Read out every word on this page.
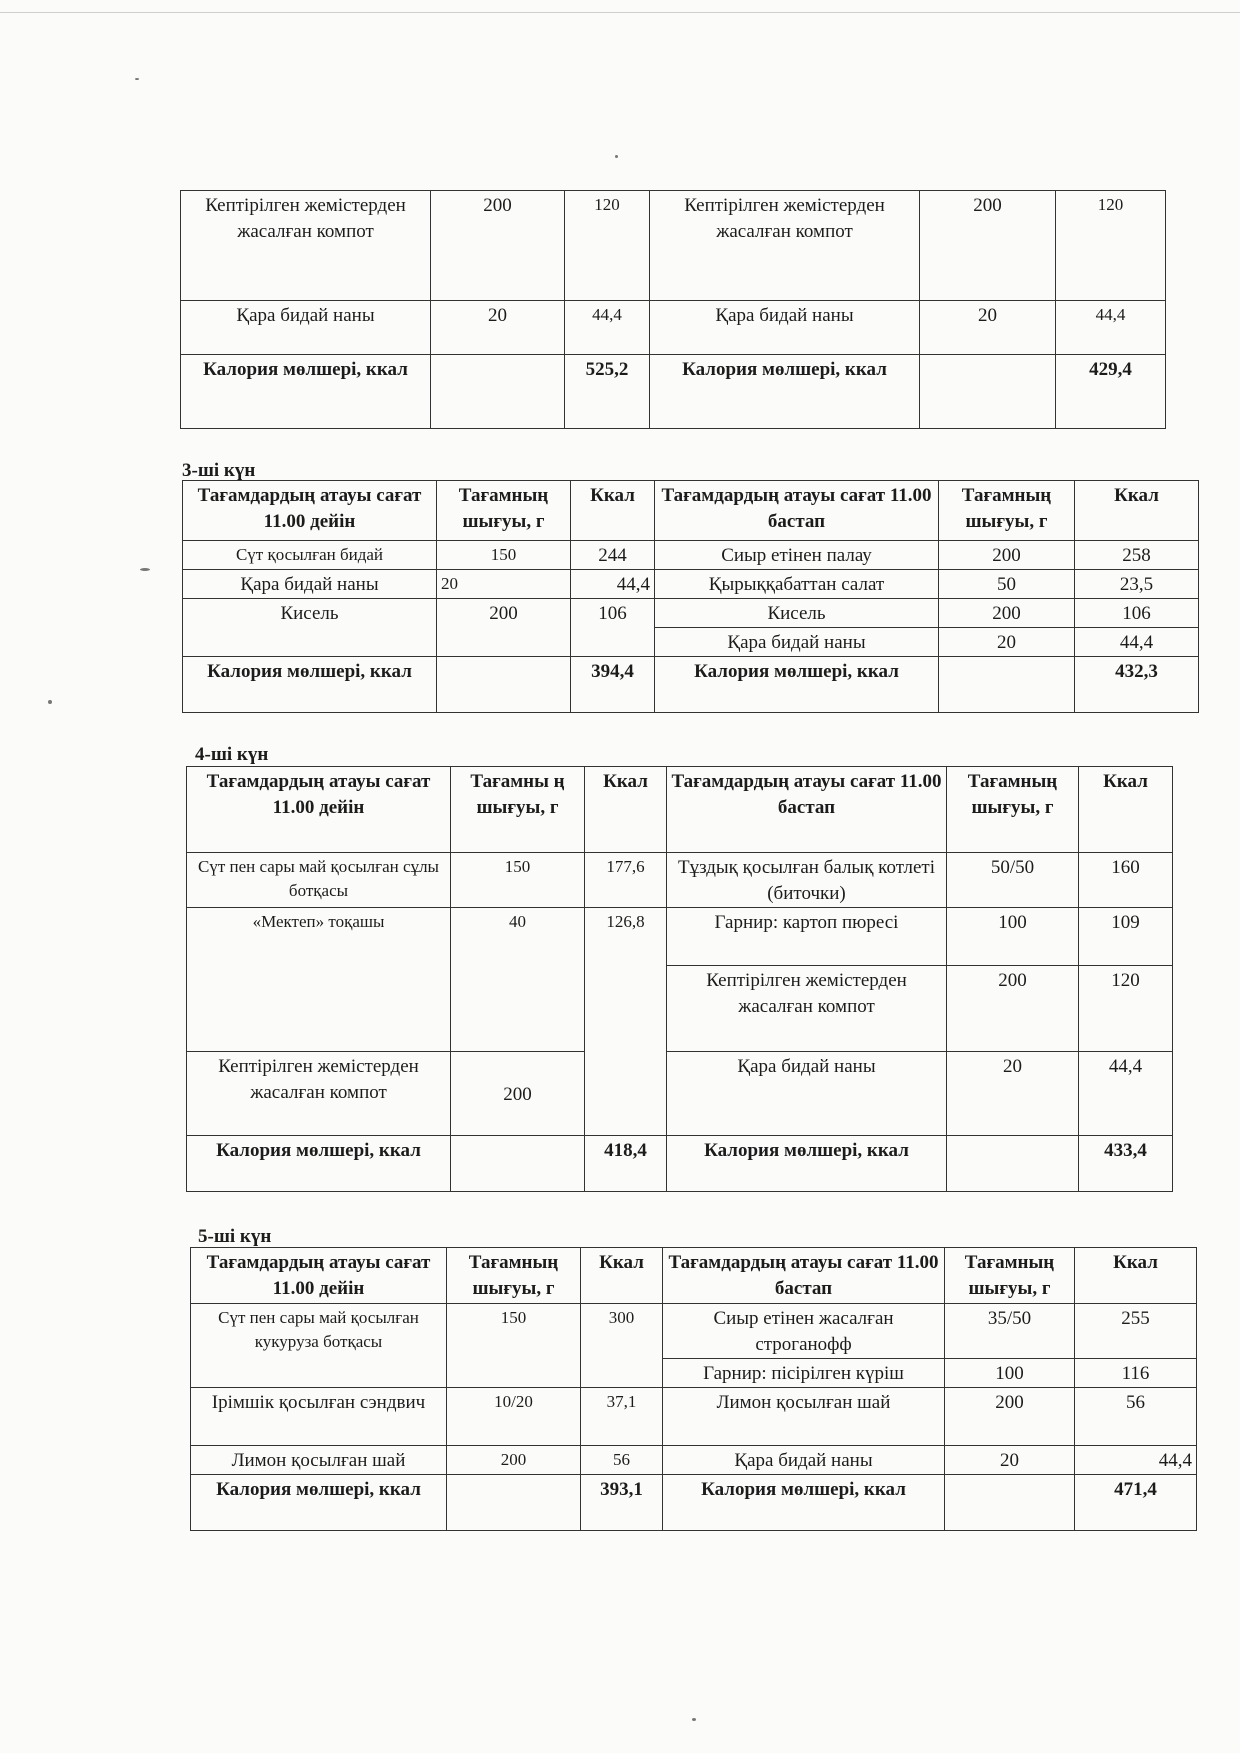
Кептірілген жемістерден жасалған компот	200	120	Кептірілген жемістерден жасалған компот	200	120
Қара бидай наны	20	44,4	Қара бидай наны	20	44,4
Калория мөлшері, ккал		525,2	Калория мөлшері, ккал		429,4
3-ші күн
Тағамдардың атауы сағат 11.00 дейін	Тағамның шығуы, г	Ккал	Тағамдардың атауы сағат 11.00 бастап	Тағамның шығуы, г	Ккал
Сүт қосылған бидай	150	244	Сиыр етінен палау	200	258
Қара бидай наны	20	44,4	Қырыққабаттан салат	50	23,5
Кисель	200	106	Кисель	200	106
			Қара бидай наны	20	44,4
Калория мөлшері, ккал		394,4	Калория мөлшері, ккал		432,3
4-ші күн
Тағамдардың атауы сағат 11.00 дейін	Тағамны ң шығуы, г	Ккал	Тағамдардың атауы сағат 11.00 бастап	Тағамның шығуы, г	Ккал
Сүт пен сары май қосылған сұлы ботқасы	150	177,6	Тұздық қосылған балық котлеті (биточки)	50/50	160
«Мектеп» тоқашы	40	126,8	Гарнир: картоп пюресі	100	109
			Кептірілген жемістерден жасалған компот	200	120
Кептірілген жемістерден жасалған компот	200		Қара бидай наны	20	44,4
Калория мөлшері, ккал		418,4	Калория мөлшері, ккал		433,4
5-ші күн
Тағамдардың атауы сағат 11.00 дейін	Тағамның шығуы, г	Ккал	Тағамдардың атауы сағат 11.00 бастап	Тағамның шығуы, г	Ккал
Сүт пен сары май қосылған кукуруза ботқасы	150	300	Сиыр етінен жасалған строганофф	35/50	255
			Гарнир: пісірілген күріш	100	116
Ірімшік қосылған сэндвич	10/20	37,1	Лимон қосылған шай	200	56
Лимон қосылған шай	200	56	Қара бидай наны	20	44,4
Калория мөлшері, ккал		393,1	Калория мөлшері, ккал		471,4
